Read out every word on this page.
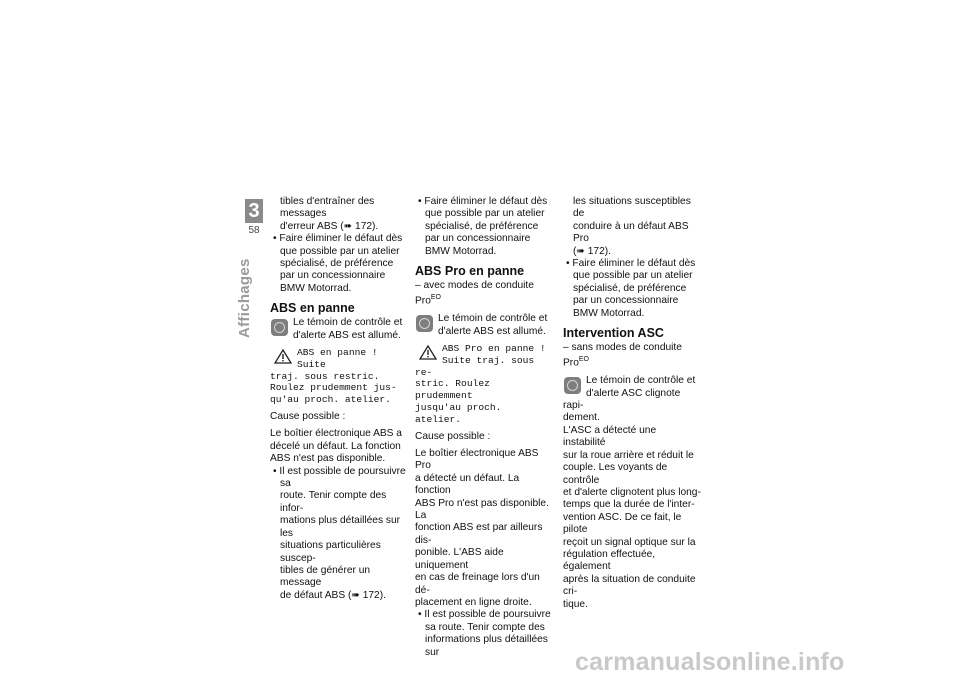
3
58
Affichages
tibles d'entraîner des messages
d'erreur ABS (➠ 172).
• Faire éliminer le défaut dès
que possible par un atelier
spécialisé, de préférence
par un concessionnaire
BMW Motorrad.
ABS en panne
Le témoin de contrôle et
d'alerte ABS est allumé.
ABS en panne ! Suite
traj. sous restric.
Roulez prudemment jus-
qu'au proch. atelier.
Cause possible :
Le boîtier électronique ABS a
décelé un défaut. La fonction
ABS n'est pas disponible.
• Il est possible de poursuivre sa
route. Tenir compte des infor-
mations plus détaillées sur les
situations particulières suscep-
tibles de générer un message
de défaut ABS (➠ 172).
• Faire éliminer le défaut dès
que possible par un atelier
spécialisé, de préférence
par un concessionnaire
BMW Motorrad.
ABS Pro en panne
– avec modes de conduite Pro$^{EO}$
Le témoin de contrôle et
d'alerte ABS est allumé.
ABS Pro en panne !
Suite traj. sous re-
stric. Roulez prudemment
jusqu'au proch. atelier.
Cause possible :
Le boîtier électronique ABS Pro
a détecté un défaut. La fonction
ABS Pro n'est pas disponible. La
fonction ABS est par ailleurs dis-
ponible. L'ABS aide uniquement
en cas de freinage lors d'un dé-
placement en ligne droite.
• Il est possible de poursuivre
sa route. Tenir compte des
informations plus détaillées sur
les situations susceptibles de
conduire à un défaut ABS Pro
(➠ 172).
• Faire éliminer le défaut dès
que possible par un atelier
spécialisé, de préférence
par un concessionnaire
BMW Motorrad.
Intervention ASC
– sans modes de conduite Pro$^{EO}$
Le témoin de contrôle et
d'alerte ASC clignote rapi-
dement.
L'ASC a détecté une instabilité
sur la roue arrière et réduit le
couple. Les voyants de contrôle
et d'alerte clignotent plus long-
temps que la durée de l'inter-
vention ASC. De ce fait, le pilote
reçoit un signal optique sur la
régulation effectuée, également
après la situation de conduite cri-
tique.
carmanualsonline.info
